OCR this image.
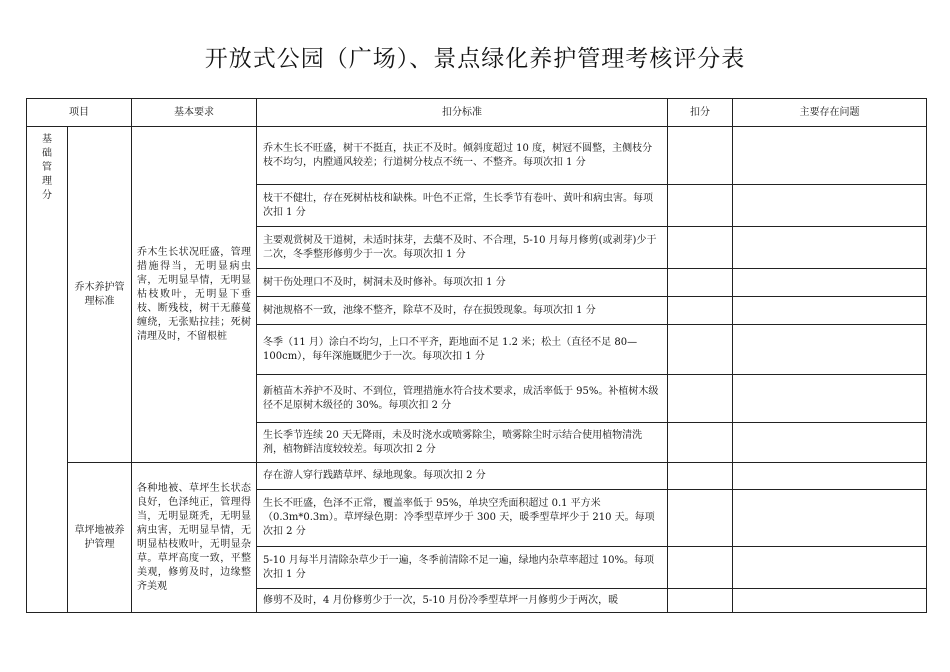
开放式公园（广场）、景点绿化养护管理考核评分表
项目		基本要求	扣分标准	扣分	主要存在问题

基础管理分	乔木养护管理标准	乔木生长状况旺盛，管理措施得当，无明显病虫害，无明显旱情，无明显枯枝败叶，无明显下垂枝、断残枝，树干无藤蔓缠绕，无张贴拉挂；死树清理及时，不留根桩	乔木生长不旺盛，树干不挺直，扶正不及时。倾斜度超过 10 度，树冠不圆整，主侧枝分枝不均匀，内膛通风较差；行道树分枝点不统一、不整齐。每项次扣 1 分		
			枝干不健壮，存在死树枯枝和缺株。叶色不正常，生长季节有卷叶、黄叶和病虫害。每项次扣 1 分		
			主要观赏树及干道树，未适时抹芽，去蘖不及时、不合理，5-10 月每月修剪(或剥芽)少于二次，冬季整形修剪少于一次。每项次扣 1 分		
			树干伤处理口不及时，树洞未及时修补。每项次扣 1 分		
			树池规格不一致，池缘不整齐，除草不及时，存在损毁现象。每项次扣 1 分		
			冬季（11 月）涂白不均匀，上口不平齐，距地面不足 1.2 米；松土（直径不足 80—100cm），每年深施厩肥少于一次。每项次扣 1 分		
			新植苗木养护不及时、不到位，管理措施水符合技术要求，成活率低于 95%。补植树木级径不足原树木级径的 30%。每项次扣 2 分		
			生长季节连续 20 天无降雨，未及时浇水或喷雾除尘，喷雾除尘时示结合使用植物清洗剂，植物鲜洁度较较差。每项次扣 2 分		
	草坪地被养护管理	各种地被、草坪生长状态良好，色泽纯正，管理得当，无明显斑秃，无明显病虫害，无明显旱情，无明显枯枝败叶，无明显杂草。草坪高度一致，平整美观，修剪及时，边缘整齐美观	存在游人穿行践踏草坪、绿地现象。每项次扣 2 分		
			生长不旺盛，色泽不正常，覆盖率低于 95%，单块空秃面积超过 0.1 平方米（0.3m*0.3m）。草坪绿色期：冷季型草坪少于 300 天，暖季型草坪少于 210 天。每项次扣 2 分		
			5-10 月每半月清除杂草少于一遍，冬季前清除不足一遍，绿地内杂草率超过 10%。每项次扣 1 分		
			修剪不及时，4 月份修剪少于一次，5-10 月份冷季型草坪一月修剪少于两次，暖		
